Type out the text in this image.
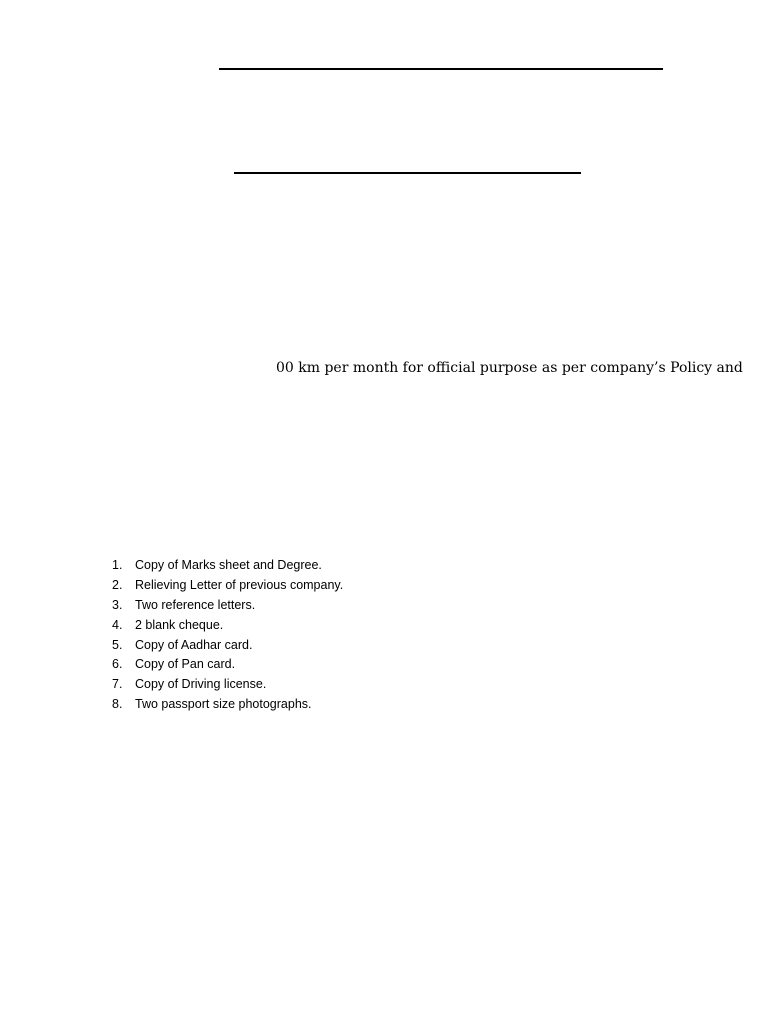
00 km per month for official purpose as per company’s Policy and
1. Copy of Marks sheet and Degree.
2. Relieving Letter of previous company.
3. Two reference letters.
4. 2 blank cheque.
5. Copy of Aadhar card.
6. Copy of Pan card.
7. Copy of Driving license.
8. Two passport size photographs.
